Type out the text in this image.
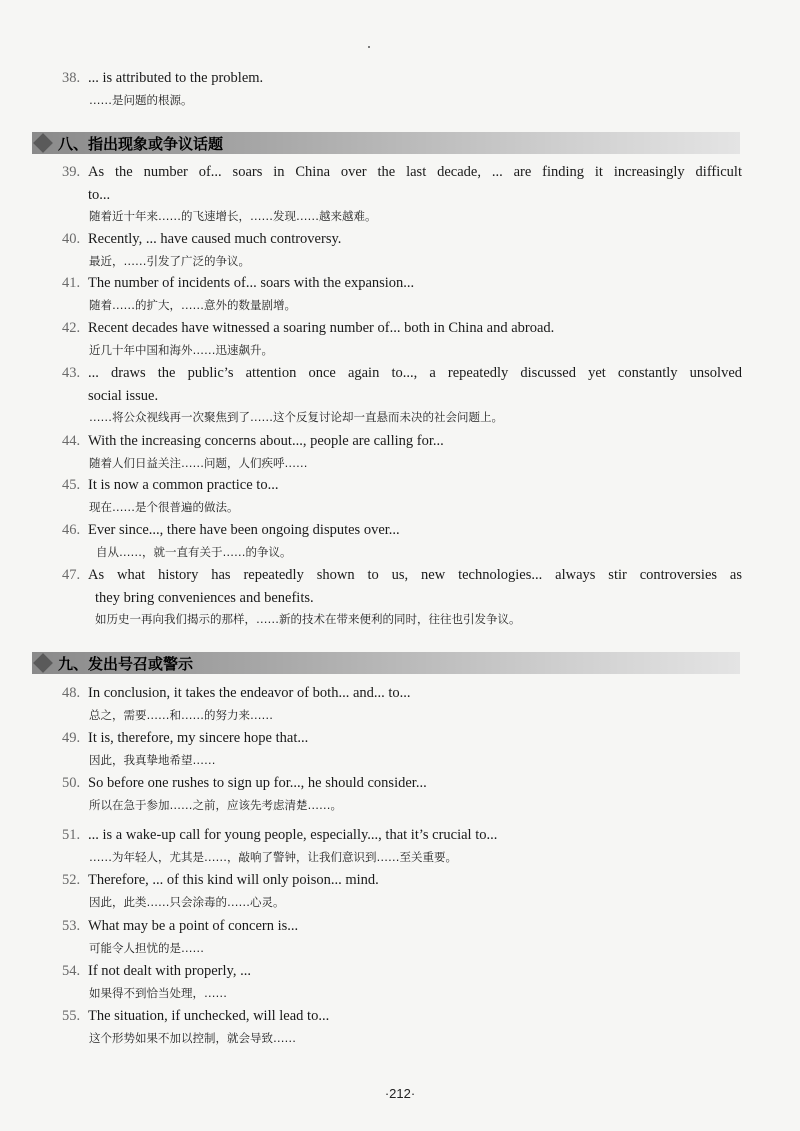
38. ... is attributed to the problem.
……是问题的根源。
八、指出现象或争议话题
39. As the number of... soars in China over the last decade, ... are finding it increasingly difficult
to...
随着近十年来……的飞速增长，……发现……越来越难。
40. Recently, ... have caused much controversy.
最近，……引发了广泛的争议。
41. The number of incidents of... soars with the expansion...
随着……的扩大，……意外的数量剧增。
42. Recent decades have witnessed a soaring number of... both in China and abroad.
近几十年中国和海外……迅速飙升。
43. ... draws the public’s attention once again to..., a repeatedly discussed yet constantly unsolved
social issue.
……将公众视线再一次聚焦到了……这个反复讨论却一直悬而未决的社会问题上。
44. With the increasing concerns about..., people are calling for...
随着人们日益关注……问题，人们疾呼……
45. It is now a common practice to...
现在……是个很普遍的做法。
46. Ever since..., there have been ongoing disputes over...
自从……，就一直有关于……的争议。
47. As what history has repeatedly shown to us, new technologies... always stir controversies as
they bring conveniences and benefits.
如历史一再向我们揭示的那样，……新的技术在带来便利的同时，往往也引发争议。
九、发出号召或警示
48. In conclusion, it takes the endeavor of both... and... to...
总之，需要……和……的努力来……
49. It is, therefore, my sincere hope that...
因此，我真挚地希望……
50. So before one rushes to sign up for..., he should consider...
所以在急于参加……之前，应该先考虑清楚……。
51. ... is a wake-up call for young people, especially..., that it’s crucial to...
……为年轻人，尤其是……，敲响了警钟，让我们意识到……至关重要。
52. Therefore, ... of this kind will only poison... mind.
因此，此类……只会涂毒的……心灵。
53. What may be a point of concern is...
可能令人担忧的是……
54. If not dealt with properly, ...
如果得不到恰当处理，……
55. The situation, if unchecked, will lead to...
这个形势如果不加以控制，就会导致……
·212·
